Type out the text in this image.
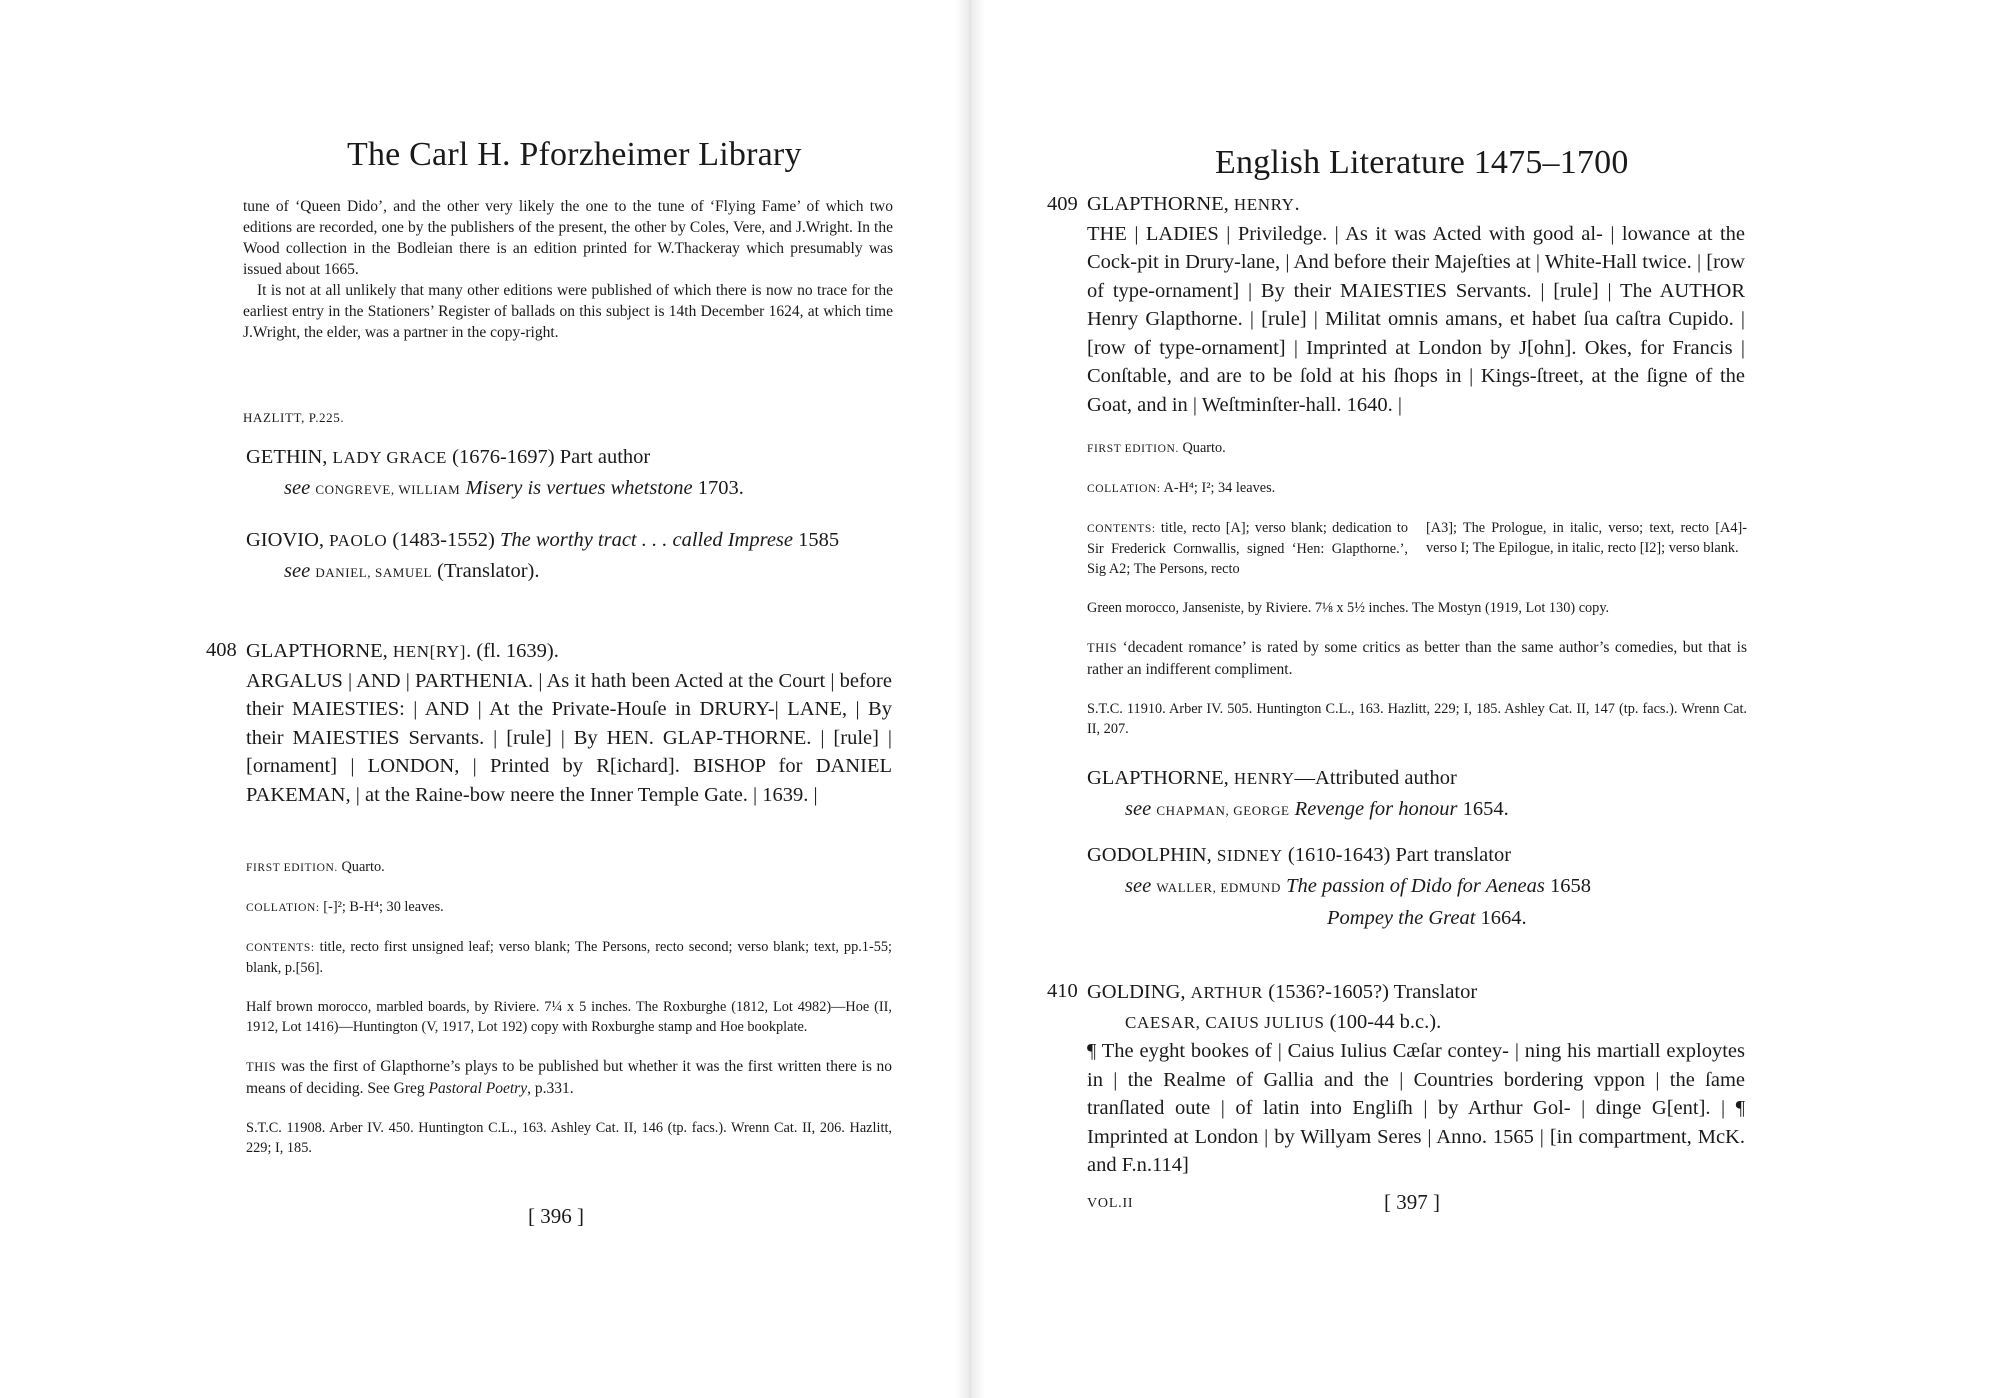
The Carl H. Pforzheimer Library

tune of ‘Queen Dido’, and the other very likely the one to the tune of ‘Flying Fame’ of which two editions are recorded, one by the publishers of the present, the other by Coles, Vere, and J.Wright. In the Wood collection in the Bodleian there is an edition printed for W.Thackeray which presumably was issued about 1665.

It is not at all unlikely that many other editions were published of which there is now no trace for the earliest entry in the Stationers’ Register of ballads on this subject is 14th December 1624, at which time J.Wright, the elder, was a partner in the copy-right.

HAZLITT, P.225.
GETHIN, LADY GRACE (1676-1697) Part author
see CONGREVE, WILLIAM Misery is vertues whetstone 1703.
GIOVIO, PAOLO (1483-1552) The worthy tract . . . called Imprese 1585
see DANIEL, SAMUEL (Translator).
408 GLAPTHORNE, HEN[RY]. (fl. 1639).

ARGALUS | AND | PARTHENIA. | As it hath been Acted at the Court | before their MAIESTIES: | AND | At the Private-Houſe in DRURY-| LANE, | By their MAIESTIES Servants. | [rule] | By HEN. GLAP-THORNE. | [rule] | [ornament] | LONDON, | Printed by R[ichard]. BISHOP for DANIEL PAKEMAN, | at the Raine-bow neere the Inner Temple Gate. | 1639. |

FIRST EDITION. Quarto.

COLLATION: [-]²; B-H⁴; 30 leaves.

CONTENTS: title, recto first unsigned leaf; verso blank; The Persons, recto second; verso blank; text, pp.1-55; blank, p.[56].

Half brown morocco, marbled boards, by Riviere. 7¼ x 5 inches. The Roxburghe (1812, Lot 4982)—Hoe (II, 1912, Lot 1416)—Huntington (V, 1917, Lot 192) copy with Roxburghe stamp and Hoe bookplate.

THIS was the first of Glapthorne’s plays to be published but whether it was the first written there is no means of deciding. See Greg Pastoral Poetry, p.331.

S.T.C. 11908. Arber IV. 450. Huntington C.L., 163. Ashley Cat. II, 146 (tp. facs.). Wrenn Cat. II, 206. Hazlitt, 229; I, 185.

[ 396 ]
English Literature 1475–1700
409 GLAPTHORNE, HENRY.

THE | LADIES | Priviledge. | As it was Acted with good al- | lowance at the Cock-pit in Drury-lane, | And before their Majeſties at | White-Hall twice. | [row of type-ornament] | By their MAIESTIES Servants. | [rule] | The AUTHOR Henry Glapthorne. | [rule] | Militat omnis amans, et habet ſua caſtra Cupido. | [row of type-ornament] | Imprinted at London by J[ohn]. Okes, for Francis | Conſtable, and are to be ſold at his ſhops in | Kings-ſtreet, at the ſigne of the Goat, and in | Weſtminſter-hall. 1640. |

FIRST EDITION. Quarto.

COLLATION: A-H⁴; I²; 34 leaves.

CONTENTS: title, recto [A]; verso blank; dedication to Sir Frederick Cornwallis, signed ‘Hen: Glapthorne.’, Sig A2; The Persons, recto
[A3]; The Prologue, in italic, verso; text, recto [A4]-verso I; The Epilogue, in italic, recto [I2]; verso blank.

Green morocco, Janseniste, by Riviere. 7⅛ x 5½ inches. The Mostyn (1919, Lot 130) copy.

THIS ‘decadent romance’ is rated by some critics as better than the same author’s comedies, but that is rather an indifferent compliment.

S.T.C. 11910. Arber IV. 505. Huntington C.L., 163. Hazlitt, 229; I, 185. Ashley Cat. II, 147 (tp. facs.). Wrenn Cat. II, 207.

GLAPTHORNE, HENRY—Attributed author
see CHAPMAN, GEORGE Revenge for honour 1654.
GODOLPHIN, SIDNEY (1610-1643) Part translator
see WALLER, EDMUND The passion of Dido for Aeneas 1658
Pompey the Great 1664.
410 GOLDING, ARTHUR (1536?-1605?) Translator
CAESAR, CAIUS JULIUS (100-44 b.c.).

¶ The eyght bookes of | Caius Iulius Cæſar contey- | ning his martiall exploytes in | the Realme of Gallia and the | Countries bordering vppon | the ſame tranſlated oute | of latin into Engliſh | by Arthur Gol- | dinge G[ent]. | ¶ Imprinted at London | by Willyam Seres | Anno. 1565 | [in compartment, McK. and F.n.114]

VOL.II	[ 397 ]
